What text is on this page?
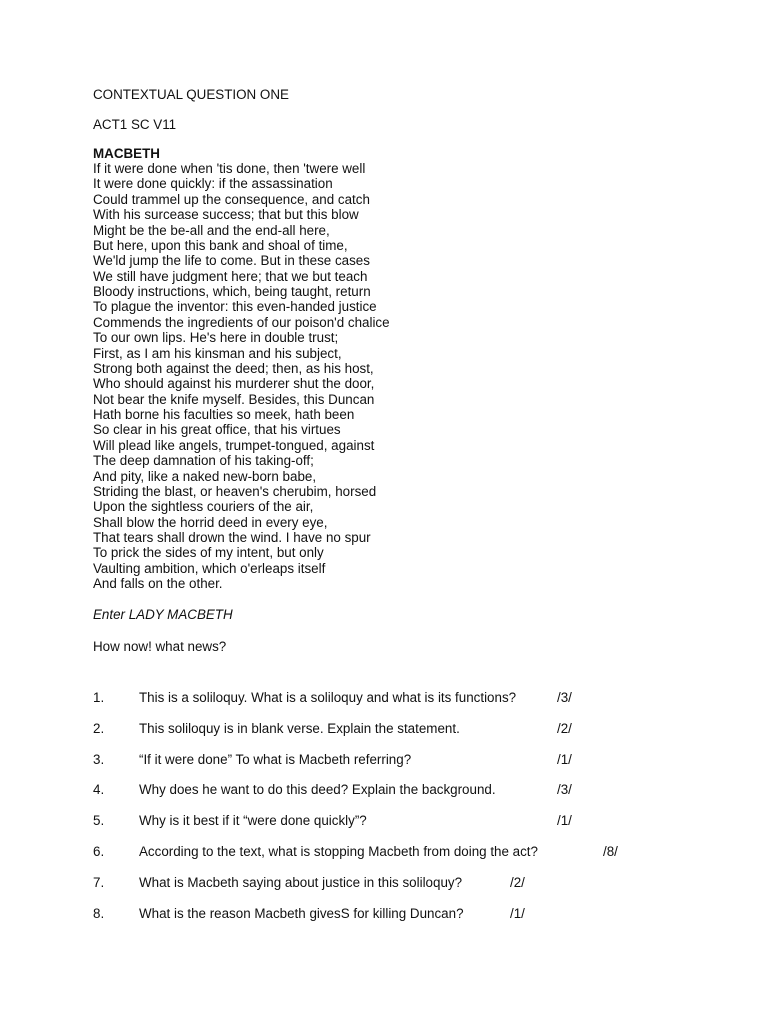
CONTEXTUAL QUESTION ONE
ACT1 SC V11
MACBETH
If it were done when 'tis done, then 'twere well
It were done quickly: if the assassination
Could trammel up the consequence, and catch
With his surcease success; that but this blow
Might be the be-all and the end-all here,
But here, upon this bank and shoal of time,
We'ld jump the life to come. But in these cases
We still have judgment here; that we but teach
Bloody instructions, which, being taught, return
To plague the inventor: this even-handed justice
Commends the ingredients of our poison'd chalice
To our own lips. He's here in double trust;
First, as I am his kinsman and his subject,
Strong both against the deed; then, as his host,
Who should against his murderer shut the door,
Not bear the knife myself. Besides, this Duncan
Hath borne his faculties so meek, hath been
So clear in his great office, that his virtues
Will plead like angels, trumpet-tongued, against
The deep damnation of his taking-off;
And pity, like a naked new-born babe,
Striding the blast, or heaven's cherubim, horsed
Upon the sightless couriers of the air,
Shall blow the horrid deed in every eye,
That tears shall drown the wind. I have no spur
To prick the sides of my intent, but only
Vaulting ambition, which o'erleaps itself
And falls on the other.
Enter LADY MACBETH
How now! what news?
1.	This is a soliloquy. What is a soliloquy and what is its functions?	/3/
2.	This soliloquy is in blank verse. Explain the statement.	/2/
3.	“If it were done” To what is Macbeth referring?	/1/
4.	Why does he want to do this deed? Explain the background.	/3/
5.	Why is it best if it “were done quickly”?	/1/
6.	According to the text, what is stopping Macbeth from doing the act?	/8/
7.	What is Macbeth saying about justice in this soliloquy?	/2/
8.	What is the reason Macbeth givesS for killing Duncan?	/1/
